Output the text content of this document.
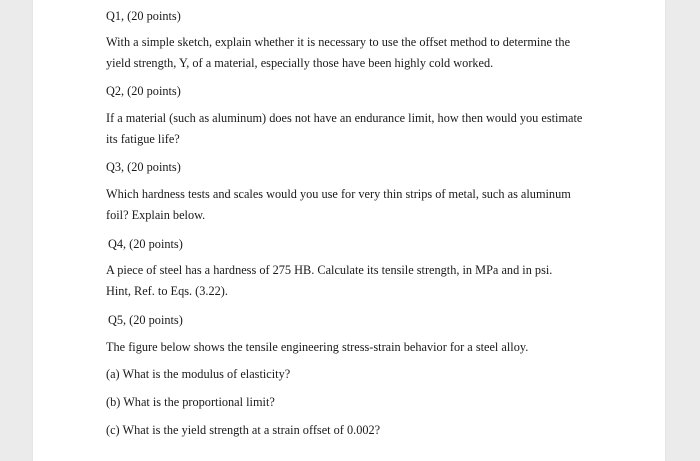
Q1, (20 points)

With a simple sketch, explain whether it is necessary to use the offset method to determine the

yield strength, Y, of a material, especially those have been highly cold worked.

Q2, (20 points)

If a material (such as aluminum) does not have an endurance limit, how then would you estimate

its fatigue life?

Q3, (20 points)

Which hardness tests and scales would you use for very thin strips of metal, such as aluminum

foil? Explain below.

Q4, (20 points)

A piece of steel has a hardness of 275 HB. Calculate its tensile strength, in MPa and in psi.

Hint, Ref. to Eqs. (3.22).

Q5, (20 points)

The figure below shows the tensile engineering stress-strain behavior for a steel alloy.

(a) What is the modulus of elasticity?

(b) What is the proportional limit?

(c) What is the yield strength at a strain offset of 0.002?
